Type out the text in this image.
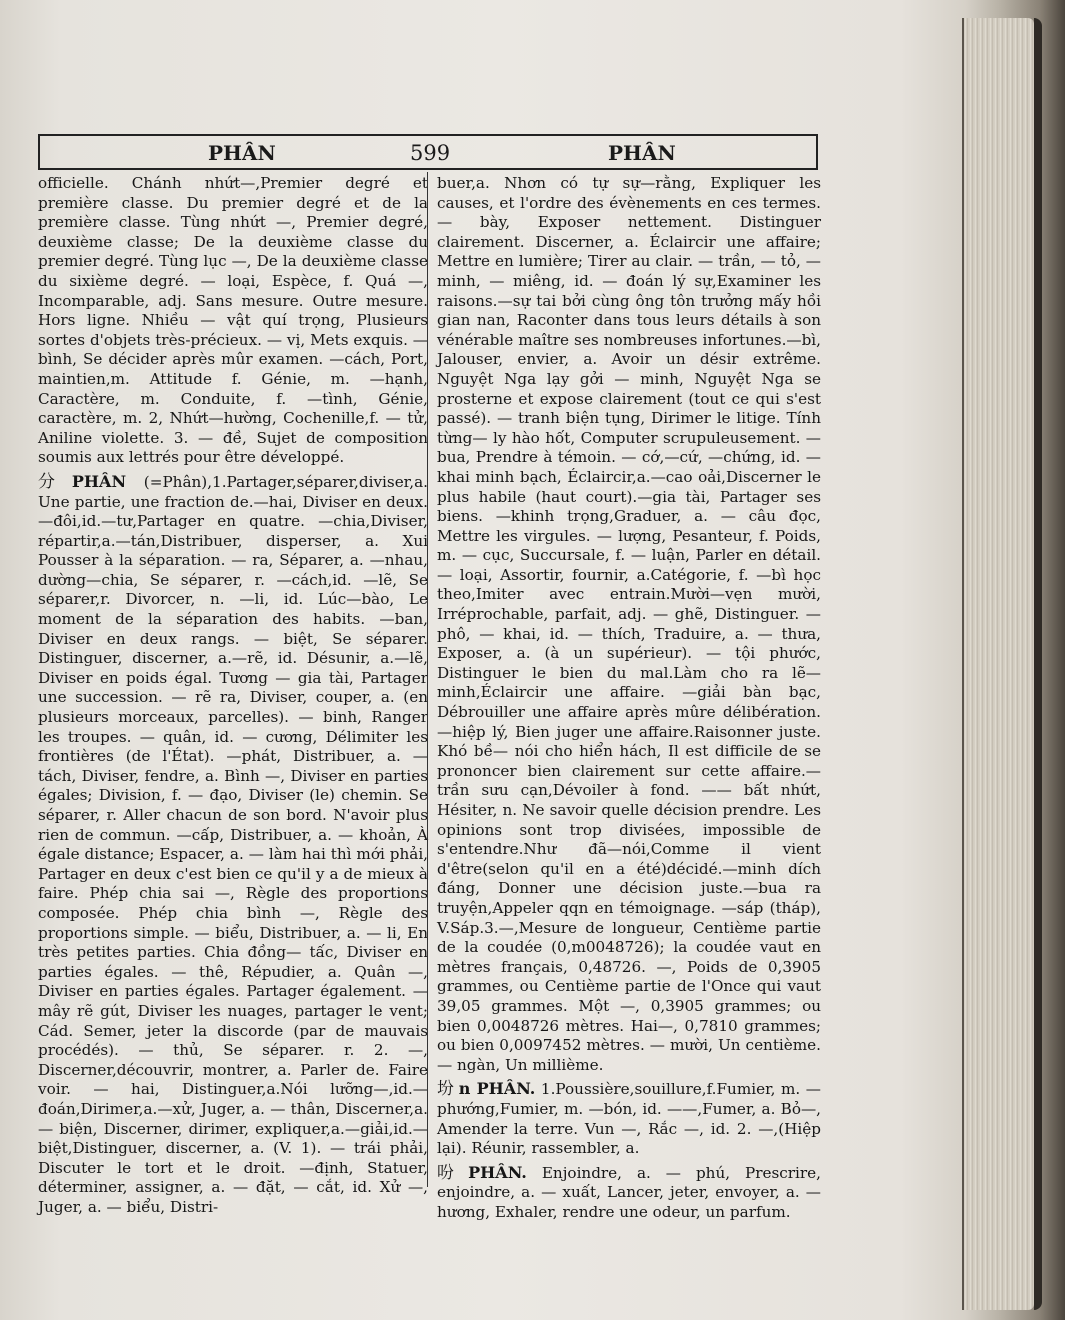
PHÂN	599	PHÂN

officielle. Chánh nhứt—,Premier degré et première classe. Du premier degré et de la première classe. Tùng nhứt —, Premier degré, deuxième classe; De la deuxième classe du premier degré. Tùng lục —, De la deuxième classe du sixième degré. — loại, Espèce, f. Quá —, Incomparable, adj. Sans mesure. Outre mesure. Hors ligne. Nhiều — vật quí trọng, Plusieurs sortes d'objets très-précieux. — vị, Mets exquis. —bình, Se décider après mûr examen. —cách, Port, maintien,m. Attitude f. Génie, m. —hạnh, Caractère, m. Conduite, f. —tình, Génie, caractère, m. 2, Nhứt—hường, Cochenille,f. — tử, Aniline violette. 3. — đề, Sujet de composition soumis aux lettrés pour être développé.

分 PHÂN (=Phân),1.Partager,séparer,diviser,a. Une partie, une fraction de.—hai, Diviser en deux. —đôi,id.—tư,Partager en quatre. —chia,Diviser, répartir,a.—tán,Distribuer, disperser, a. Xui Pousser à la séparation. — ra, Séparer, a. —nhau, dường—chia, Se séparer, r. —cách,id. —lẽ, Se séparer,r. Divorcer, n. —li, id. Lúc—bào, Le moment de la séparation des habits. —ban, Diviser en deux rangs. — biệt, Se séparer. Distinguer, discerner, a.—rẽ, id. Désunir, a.—lẽ, Diviser en poids égal. Tương — gia tài, Partager une succession. — rẽ ra, Diviser, couper, a. (en plusieurs morceaux, parcelles). — binh, Ranger les troupes. — quân, id. — cương, Délimiter les frontières (de l'État). —phát, Distribuer, a. — tách, Diviser, fendre, a. Bình —, Diviser en parties égales; Division, f. — đạo, Diviser (le) chemin. Se séparer, r. Aller chacun de son bord. N'avoir plus rien de commun. —cấp, Distribuer, a. — khoản, À égale distance; Espacer, a. — làm hai thì mới phải, Partager en deux c'est bien ce qu'il y a de mieux à faire. Phép chia sai —, Règle des proportions composée. Phép chia bình —, Règle des proportions simple. — biểu, Distribuer, a. — li, En très petites parties. Chia đồng— tấc, Diviser en parties égales. — thê, Répudier, a. Quân —, Diviser en parties égales. Partager également. — mây rẽ gút, Diviser les nuages, partager le vent; Cád. Semer, jeter la discorde (par de mauvais procédés). — thủ, Se séparer. r. 2. —, Discerner,découvrir, montrer, a. Parler de. Faire voir. — hai, Distinguer,a.Nói lưỡng—,id.—đoán,Dirimer,a.—xử, Juger, a. — thân, Discerner,a. — biện, Discerner, dirimer, expliquer,a.—giải,id.— biệt,Distinguer, discerner, a. (V. 1). — trái phải, Discuter le tort et le droit. —định, Statuer, déterminer, assigner, a. — đặt, — cắt, id. Xử —, Juger, a. — biểu, Distri-

buer,a. Nhơn có tự sự—rằng, Expliquer les causes, et l'ordre des évènements en ces termes. — bày, Exposer nettement. Distinguer clairement. Discerner, a. Éclaircir une affaire; Mettre en lumière; Tirer au clair. — trần, — tỏ, — minh, — miêng, id. — đoán lý sự,Examiner les raisons.—sự tai bởi cùng ông tôn trưởng mấy hồi gian nan, Raconter dans tous leurs détails à son vénérable maître ses nombreuses infortunes.—bì, Jalouser, envier, a. Avoir un désir extrême. Nguyệt Nga lạy gởi — minh, Nguyệt Nga se prosterne et expose clairement (tout ce qui s'est passé). — tranh biện tụng, Dirimer le litige. Tính từng— ly hào hốt, Computer scrupuleusement. — bua, Prendre à témoin. — cớ,—cứ, —chứng, id. —khai minh bạch, Éclaircir,a.—cao oải,Discerner le plus habile (haut court).—gia tài, Partager ses biens. —khinh trọng,Graduer, a. — câu đọc, Mettre les virgules. — lượng, Pesanteur, f. Poids, m. — cục, Succursale, f. — luận, Parler en détail. — loại, Assortir, fournir, a.Catégorie, f. —bì học theo,Imiter avec entrain.Mười—vẹn mười, Irréprochable, parfait, adj. — ghẽ, Distinguer. — phô, — khai, id. — thích, Traduire, a. — thưa, Exposer, a. (à un supérieur). — tội phước, Distinguer le bien du mal.Làm cho ra lẽ—minh,Éclaircir une affaire. —giải bàn bạc, Débrouiller une affaire après mûre délibération. —hiệp lý, Bien juger une affaire.Raisonner juste. Khó bề— nói cho hiển hách, Il est difficile de se prononcer bien clairement sur cette affaire.—trần sưu cạn,Dévoiler à fond. —— bất nhứt, Hésiter, n. Ne savoir quelle décision prendre. Les opinions sont trop divisées, impossible de s'entendre.Như đã—nói,Comme il vient d'être(selon qu'il en a été)décidé.—minh dích đáng, Donner une décision juste.—bua ra truyện,Appeler qqn en témoignage. —sáp (tháp), V.Sáp.3.—,Mesure de longueur, Centième partie de la coudée (0,m0048726); la coudée vaut en mètres français, 0,48726. —, Poids de 0,3905 grammes, ou Centième partie de l'Once qui vaut 39,05 grammes. Một —, 0,3905 grammes; ou bien 0,0048726 mètres. Hai—, 0,7810 grammes; ou bien 0,0097452 mètres. — mười, Un centième.— ngàn, Un millième.

坋 n PHÂN. 1.Poussière,souillure,f.Fumier, m. —phướng,Fumier, m. —bón, id. ——,Fumer, a. Bỏ—, Amender la terre. Vun —, Rắc —, id. 2. —,(Hiệp lại). Réunir, rassembler, a.

吩 PHÂN. Enjoindre, a. — phú, Prescrire, enjoindre, a. — xuất, Lancer, jeter, envoyer, a. — hương, Exhaler, rendre une odeur, un parfum.
